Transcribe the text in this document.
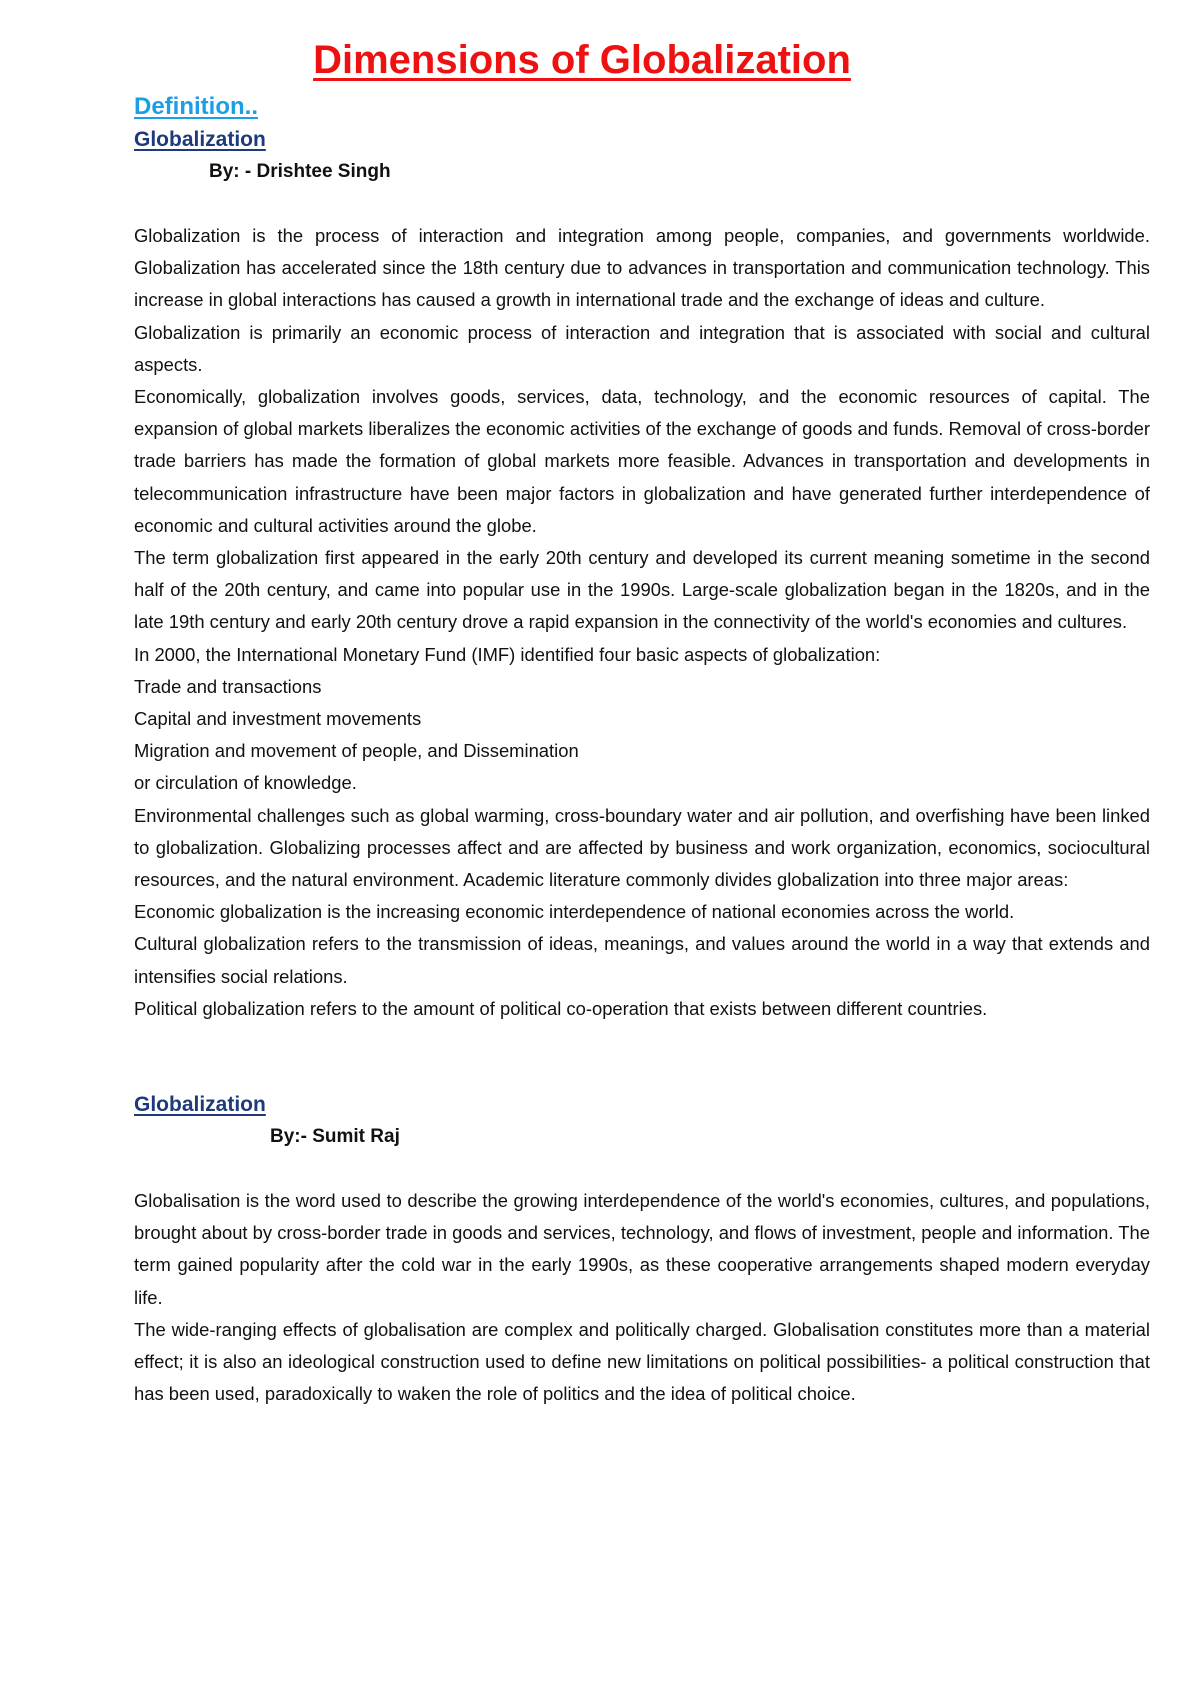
Dimensions of Globalization
Definition..
Globalization
By: - Drishtee Singh

Globalization is the process of interaction and integration among people, companies, and governments worldwide. Globalization has accelerated since the 18th century due to advances in transportation and communication technology. This increase in global interactions has caused a growth in international trade and the exchange of ideas and culture.

Globalization is primarily an economic process of interaction and integration that is associated with social and cultural aspects.

Economically, globalization involves goods, services, data, technology, and the economic resources of capital. The expansion of global markets liberalizes the economic activities of the exchange of goods and funds. Removal of cross-border trade barriers has made the formation of global markets more feasible. Advances in transportation and developments in telecommunication infrastructure have been major factors in globalization and have generated further interdependence of economic and cultural activities around the globe.

The term globalization first appeared in the early 20th century and developed its current meaning sometime in the second half of the 20th century, and came into popular use in the 1990s. Large-scale globalization began in the 1820s, and in the late 19th century and early 20th century drove a rapid expansion in the connectivity of the world's economies and cultures.

In 2000, the International Monetary Fund (IMF) identified four basic aspects of globalization:

Trade and transactions

Capital and investment movements

Migration and movement of people, and Dissemination

or circulation of knowledge.

Environmental challenges such as global warming, cross-boundary water and air pollution, and overfishing have been linked to globalization. Globalizing processes affect and are affected by business and work organization, economics, sociocultural resources, and the natural environment. Academic literature commonly divides globalization into three major areas:

Economic globalization is the increasing economic interdependence of national economies across the world.

Cultural globalization refers to the transmission of ideas, meanings, and values around the world in a way that extends and intensifies social relations.

Political globalization refers to the amount of political co-operation that exists between different countries.

Globalization
By:- Sumit Raj

Globalisation is the word used to describe the growing interdependence of the world's economies, cultures, and populations, brought about by cross-border trade in goods and services, technology, and flows of investment, people and information. The term gained popularity after the cold war in the early 1990s, as these cooperative arrangements shaped modern everyday life.

The wide-ranging effects of globalisation are complex and politically charged. Globalisation constitutes more than a material effect; it is also an ideological construction used to define new limitations on political possibilities- a political construction that has been used, paradoxically to waken the role of politics and the idea of political choice.
